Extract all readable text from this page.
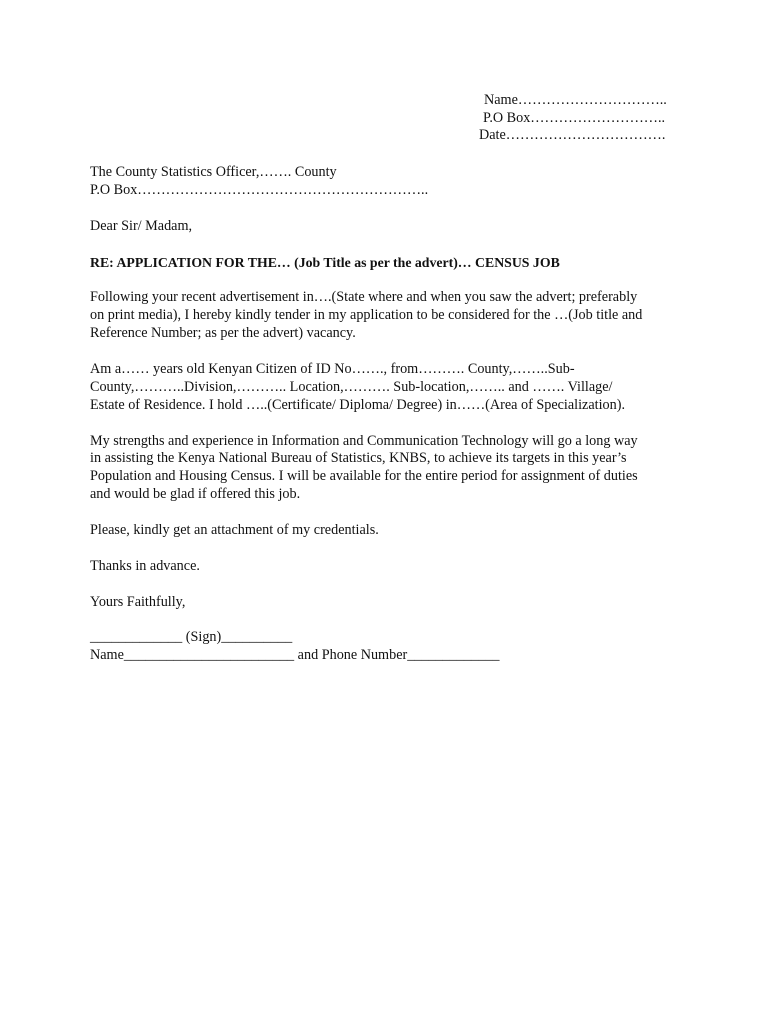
Name…………………………..
P.O Box………………………..
Date…………………………….

The County Statistics Officer,……. County
P.O Box……………………………………………………..

Dear Sir/ Madam,

RE: APPLICATION FOR THE… (Job Title as per the advert)… CENSUS JOB

Following your recent advertisement in….(State where and when you saw the advert; preferably
on print media), I hereby kindly tender in my application to be considered for the …(Job title and
Reference Number; as per the advert) vacancy.

Am a…… years old Kenyan Citizen of ID No……., from………. County,……..Sub-
County,………..Division,……….. Location,………. Sub-location,…….. and ……. Village/
Estate of Residence. I hold …..(Certificate/ Diploma/ Degree) in……(Area of Specialization).

My strengths and experience in Information and Communication Technology will go a long way
in assisting the Kenya National Bureau of Statistics, KNBS, to achieve its targets in this year’s
Population and Housing Census. I will be available for the entire period for assignment of duties
and would be glad if offered this job.

Please, kindly get an attachment of my credentials.

Thanks in advance.

Yours Faithfully,

_____________ (Sign)__________
Name________________________ and Phone Number_____________
